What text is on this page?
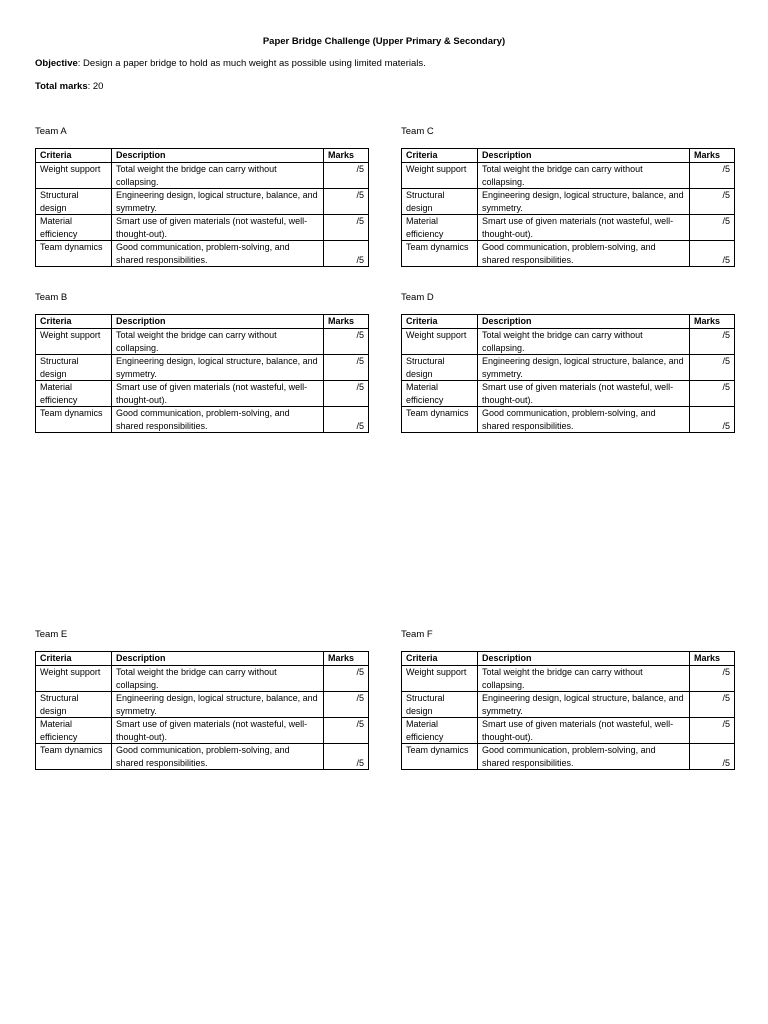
Paper Bridge Challenge (Upper Primary & Secondary)
Objective: Design a paper bridge to hold as much weight as possible using limited materials.
Total marks: 20
Team A
Criteria	Description	Marks
Weight support	Total weight the bridge can carry without collapsing.	/5
Structural design	Engineering design, logical structure, balance, and symmetry.	/5
Material efficiency	Smart use of given materials (not wasteful, well-thought-out).	/5
Team dynamics	Good communication, problem-solving, and shared responsibilities.	/5
Team C
Criteria	Description	Marks
Weight support	Total weight the bridge can carry without collapsing.	/5
Structural design	Engineering design, logical structure, balance, and symmetry.	/5
Material efficiency	Smart use of given materials (not wasteful, well-thought-out).	/5
Team dynamics	Good communication, problem-solving, and shared responsibilities.	/5
Team B
Criteria	Description	Marks
Weight support	Total weight the bridge can carry without collapsing.	/5
Structural design	Engineering design, logical structure, balance, and symmetry.	/5
Material efficiency	Smart use of given materials (not wasteful, well-thought-out).	/5
Team dynamics	Good communication, problem-solving, and shared responsibilities.	/5
Team D
Criteria	Description	Marks
Weight support	Total weight the bridge can carry without collapsing.	/5
Structural design	Engineering design, logical structure, balance, and symmetry.	/5
Material efficiency	Smart use of given materials (not wasteful, well-thought-out).	/5
Team dynamics	Good communication, problem-solving, and shared responsibilities.	/5
Team E
Criteria	Description	Marks
Weight support	Total weight the bridge can carry without collapsing.	/5
Structural design	Engineering design, logical structure, balance, and symmetry.	/5
Material efficiency	Smart use of given materials (not wasteful, well-thought-out).	/5
Team dynamics	Good communication, problem-solving, and shared responsibilities.	/5
Team F
Criteria	Description	Marks
Weight support	Total weight the bridge can carry without collapsing.	/5
Structural design	Engineering design, logical structure, balance, and symmetry.	/5
Material efficiency	Smart use of given materials (not wasteful, well-thought-out).	/5
Team dynamics	Good communication, problem-solving, and shared responsibilities.	/5
